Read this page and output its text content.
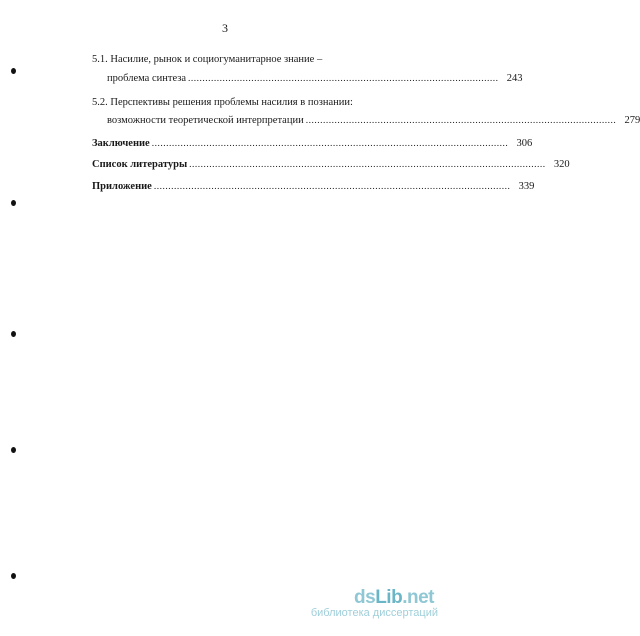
3
5.1. Насилие, рынок и социогуманитарное знание –
проблема синтеза ............................................................................................................ 243
5.2. Перспективы решения проблемы насилия в познании:
возможности теоретической интерпретации ............................................................................................................ 279
Заключение ............................................................................................................................ 306
Список литературы ............................................................................................................................ 320
Приложение ............................................................................................................................ 339
dsLib.net
библиотека диссертаций
